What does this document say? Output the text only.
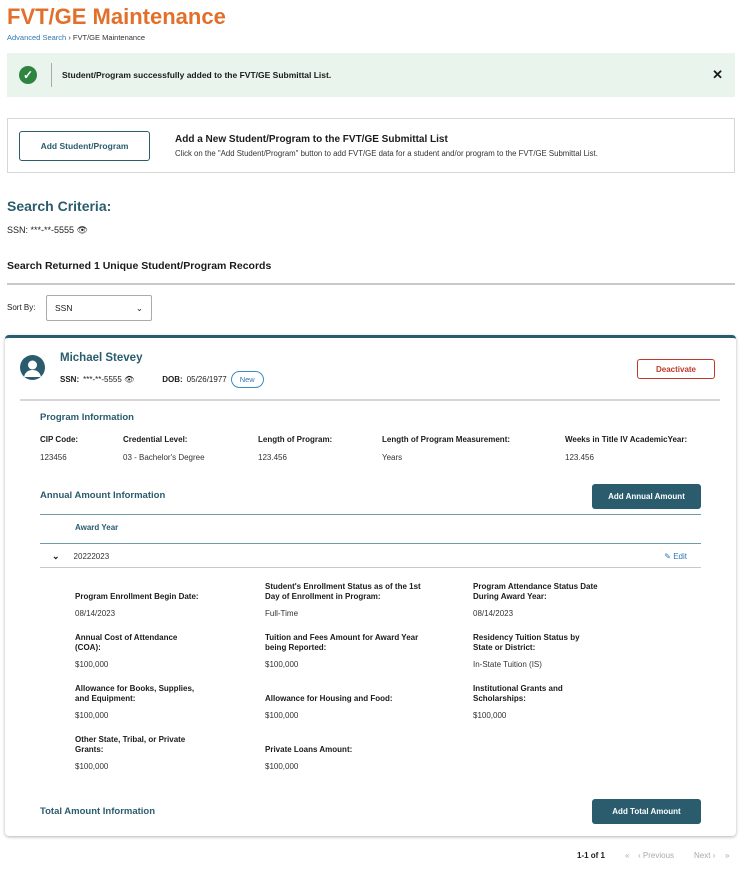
FVT/GE Maintenance
Advanced Search › FVT/GE Maintenance
✓	Student/Program successfully added to the FVT/GE Submittal List.	✕
Add Student/Program
Add a New Student/Program to the FVT/GE Submittal List

Click on the "Add Student/Program" button to add FVT/GE data for a student and/or program to the FVT/GE Submittal List.

Search Criteria:
SSN: ***-**-5555 👁
Search Returned 1 Unique Student/Program Records
Sort By: SSN	⌄
Michael Stevey
SSN: ***-**-5555
👁	DOB: 05/26/1977	New
Deactivate
Program Information
CIP Code:
123456
Credential Level:
03 - Bachelor's Degree
Length of Program:
123.456
Length of Program Measurement:
Years
Weeks in Title IV AcademicYear:
123.456
Annual Amount Information	Add Annual Amount
Award Year
⌄ 20222023	✎ Edit
Program Enrollment Begin Date:
08/14/2023
Student's Enrollment Status as of the 1st Day of Enrollment in Program:
Full-Time
Program Attendance Status Date During Award Year:
08/14/2023
Annual Cost of Attendance (COA):
$100,000
Tuition and Fees Amount for Award Year being Reported:
$100,000
Residency Tuition Status by State or District:
In-State Tuition (IS)
Allowance for Books, Supplies, and Equipment:
$100,000
Allowance for Housing and Food:
$100,000
Institutional Grants and Scholarships:
$100,000
Other State, Tribal, or Private Grants:
$100,000
Private Loans Amount:
$100,000
Total Amount Information	Add Total Amount
1-1 of 1 « ‹ Previous Next › »
